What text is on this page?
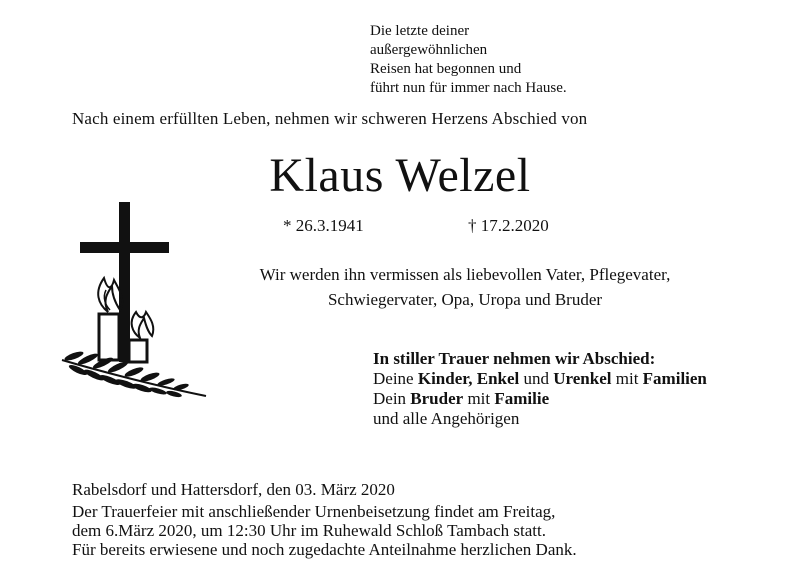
Die letzte deiner
außergewöhnlichen
Reisen hat begonnen und
führt nun für immer nach Hause.
Nach einem erfüllten Leben, nehmen wir schweren Herzens Abschied von
Klaus Welzel
* 26.3.1941	† 17.2.2020
Wir werden ihn vermissen als liebevollen Vater, Pflegevater,
Schwiegervater, Opa, Uropa und Bruder
In stiller Trauer nehmen wir Abschied:
Deine Kinder, Enkel und Urenkel mit Familien
Dein Bruder mit Familie
und alle Angehörigen
Rabelsdorf und Hattersdorf, den 03. März 2020
Der Trauerfeier mit anschließender Urnenbeisetzung findet am Freitag,
dem 6.März 2020, um 12:30 Uhr im Ruhewald Schloß Tambach statt.
Für bereits erwiesene und noch zugedachte Anteilnahme herzlichen Dank.
